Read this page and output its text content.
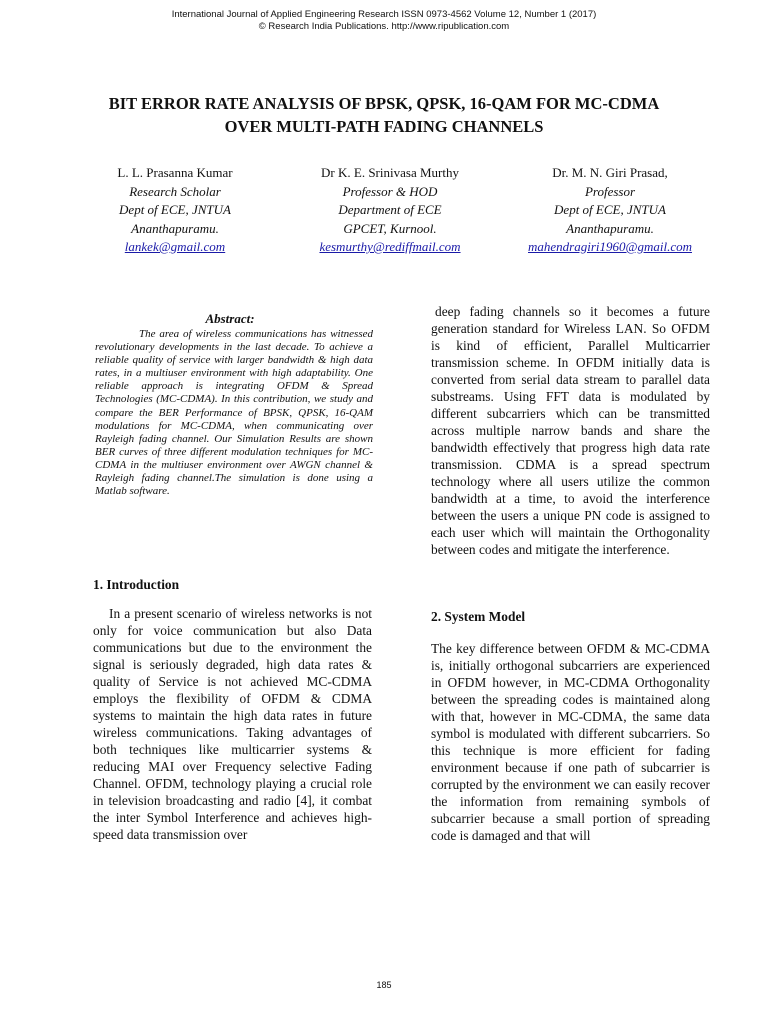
International Journal of Applied Engineering Research ISSN 0973-4562 Volume 12, Number 1 (2017)
© Research India Publications. http://www.ripublication.com
BIT ERROR RATE ANALYSIS OF BPSK, QPSK, 16-QAM FOR MC-CDMA
OVER MULTI-PATH FADING CHANNELS
L. L. Prasanna Kumar
Research Scholar
Dept of ECE, JNTUA
Ananthapuramu.
lankek@gmail.com
Dr K. E. Srinivasa Murthy
Professor & HOD
Department of ECE
GPCET, Kurnool.
kesmurthy@rediffmail.com
Dr. M. N. Giri Prasad,
Professor
Dept of ECE, JNTUA
Ananthapuramu.
mahendragiri1960@gmail.com
Abstract:
The area of wireless communications has witnessed revolutionary developments in the last decade. To achieve a reliable quality of service with larger bandwidth & high data rates, in a multiuser environment with high adaptability. One reliable approach is integrating OFDM & Spread Technologies (MC-CDMA). In this contribution, we study and compare the BER Performance of BPSK, QPSK, 16-QAM modulations for MC-CDMA, when communicating over Rayleigh fading channel. Our Simulation Results are shown BER curves of three different modulation techniques for MC-CDMA in the multiuser environment over AWGN channel & Rayleigh fading channel.The simulation is done using a Matlab software.
1. Introduction

In a present scenario of wireless networks is not only for voice communication but also Data communications but due to the environment the signal is seriously degraded, high data rates & quality of Service is not achieved MC-CDMA employs the flexibility of OFDM & CDMA systems to maintain the high data rates in future wireless communications. Taking advantages of both techniques like multicarrier systems & reducing MAI over Frequency selective Fading Channel. OFDM, technology playing a crucial role in television broadcasting and radio [4], it combat the inter Symbol Interference and achieves high-speed data transmission over

deep fading channels so it becomes a future generation standard for Wireless LAN. So OFDM is kind of efficient, Parallel Multicarrier transmission scheme. In OFDM initially data is converted from serial data stream to parallel data substreams. Using FFT data is modulated by different subcarriers which can be transmitted across multiple narrow bands and share the bandwidth effectively that progress high data rate transmission. CDMA is a spread spectrum technology where all users utilize the common bandwidth at a time, to avoid the interference between the users a unique PN code is assigned to each user which will maintain the Orthogonality between codes and mitigate the interference.

2. System Model

The key difference between OFDM & MC-CDMA is, initially orthogonal subcarriers are experienced in OFDM however, in MC-CDMA Orthogonality between the spreading codes is maintained along with that, however in MC-CDMA, the same data symbol is modulated with different subcarriers. So this technique is more efficient for fading environment because if one path of subcarrier is corrupted by the environment we can easily recover the information from remaining symbols of subcarrier because a small portion of spreading code is damaged and that will

185
